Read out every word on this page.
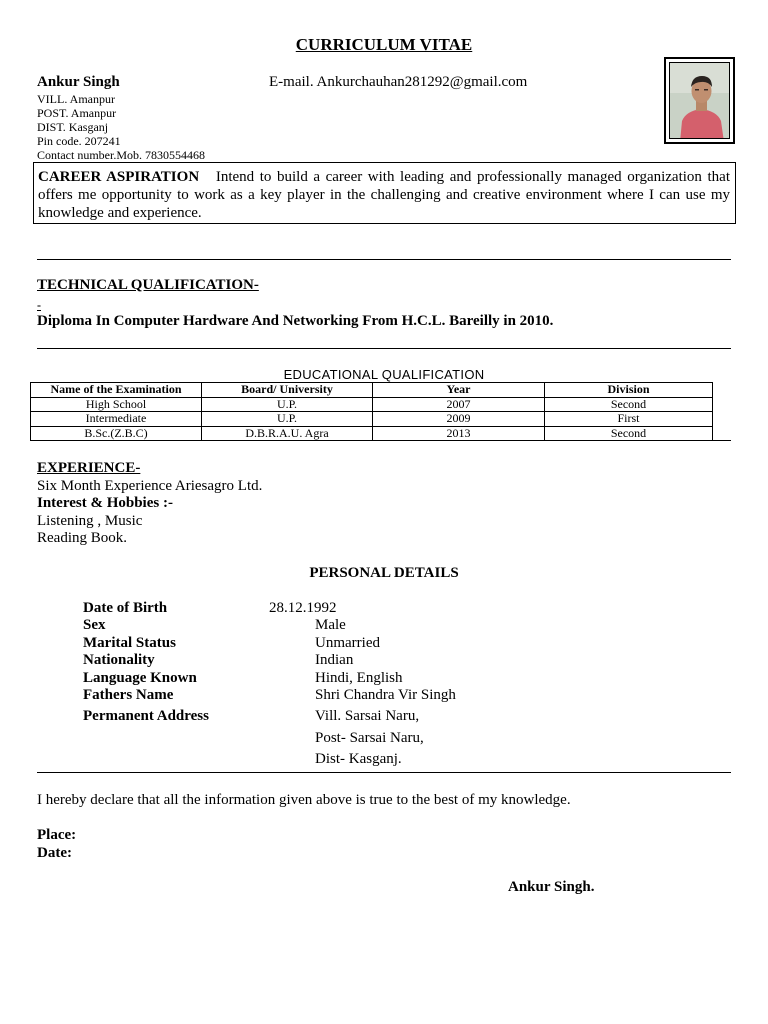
CURRICULUM VITAE
Ankur Singh	E-mail. Ankurchauhan281292@gmail.com
VILL. Amanpur
POST. Amanpur
DIST. Kasganj
Pin code. 207241
Contact number.Mob. 7830554468
CAREER ASPIRATION Intend to build a career with leading and professionally managed organization that offers me opportunity to work as a key player in the challenging and creative environment where I can use my knowledge and experience.
TECHNICAL QUALIFICATION-
-
Diploma In Computer Hardware And Networking From H.C.L. Bareilly in 2010.
EDUCATIONAL QUALIFICATION
Name of the Examination	Board/ University	Year	Division
High School	U.P.	2007	Second
Intermediate	U.P.	2009	First
B.Sc.(Z.B.C)	D.B.R.A.U. Agra	2013	Second
EXPERIENCE-
Six Month Experience Ariesagro Ltd.
Interest & Hobbies :-
Listening , Music
Reading Book.
PERSONAL DETAILS
Date of Birth	28.12.1992
Sex	Male
Marital Status	Unmarried
Nationality	Indian
Language Known	Hindi, English
Fathers Name	Shri Chandra Vir Singh
Permanent Address	Vill. Sarsai Naru,
Post- Sarsai Naru,
Dist- Kasganj.
I hereby declare that all the information given above is true to the best of my knowledge.
Place:
Date:
Ankur Singh.
